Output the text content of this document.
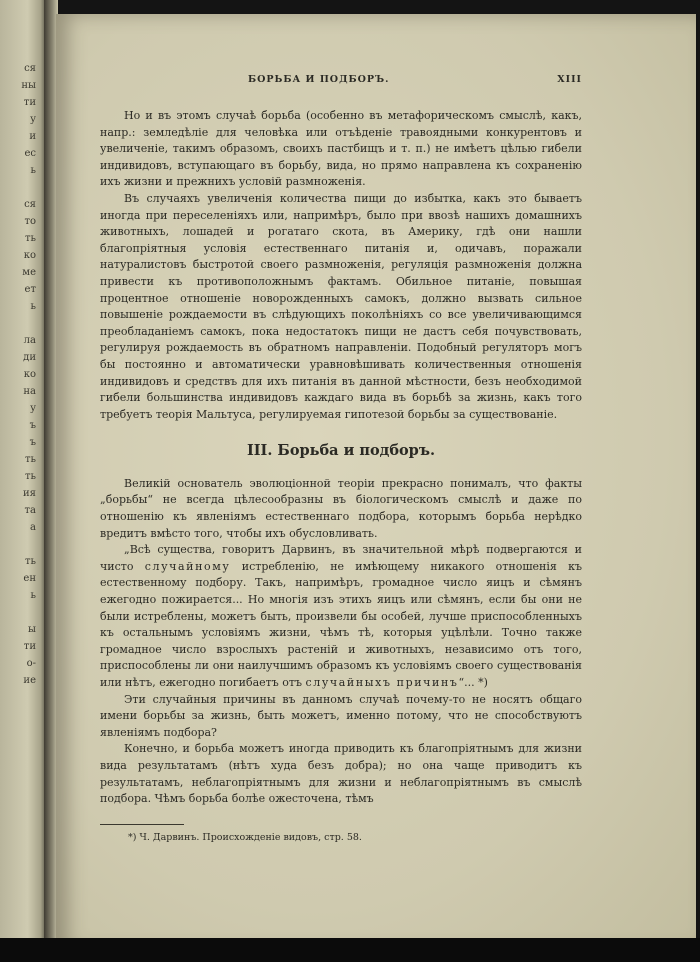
ся
ны
ти
у
и
ес
ь
ся
то
ть
ко
ме
ет
ь
ла
ди
ко
на
у
ъ
ъ
ть
ть
ия
та
а
ть
ен
ь
ы
ти
о-
ие
БОРЬБА И ПОДБОРЪ.	XIII

Но и въ этомъ случаѣ борьба (особенно въ метафорическомъ смыслѣ, какъ, напр.: земледѣліе для человѣка или отъѣденіе травоядными конкурентовъ и увеличеніе, такимъ образомъ, своихъ пастбищъ и т. п.) не имѣетъ цѣлью гибели индивидовъ, вступающаго въ борьбу, вида, но прямо направлена къ сохраненію ихъ жизни и прежнихъ условій размноженія.

Въ случаяхъ увеличенія количества пищи до избытка, какъ это бываетъ иногда при переселеніяхъ или, напримѣръ, было при ввозѣ нашихъ домашнихъ животныхъ, лошадей и рогатаго скота, въ Америку, гдѣ они нашли благопріятныя условія естественнаго питанія и, одичавъ, поражали натуралистовъ быстротой своего размноженія, регуляція размноженія должна привести къ противоположнымъ фактамъ. Обильное питаніе, повышая процентное отношеніе новорожденныхъ самокъ, должно вызвать сильное повышеніе рождаемости въ слѣдующихъ поколѣніяхъ со все увеличивающимся преобладаніемъ самокъ, пока недостатокъ пищи не дастъ себя почувствовать, регулируя рождаемость въ обратномъ направленіи. Подобный регуляторъ могъ бы постоянно и автоматически уравновѣшивать количественныя отношенія индивидовъ и средствъ для ихъ питанія въ данной мѣстности, безъ необходимой гибели большинства индивидовъ каждаго вида въ борьбѣ за жизнь, какъ того требуетъ теорія Мальтуса, регулируемая гипотезой борьбы за существованіе.

III. Борьба и подборъ.

Великій основатель эволюціонной теоріи прекрасно понималъ, что факты „борьбы“ не всегда цѣлесообразны въ біологическомъ смыслѣ и даже по отношенію къ явленіямъ естественнаго подбора, которымъ борьба нерѣдко вредитъ вмѣсто того, чтобы ихъ обусловливать.

„Всѣ существа, говоритъ Дарвинъ, въ значительной мѣрѣ подвергаются и чисто случайному истребленію, не имѣющему никакого отношенія къ естественному подбору. Такъ, напримѣръ, громадное число яицъ и сѣмянъ ежегодно пожирается... Но многія изъ этихъ яицъ или сѣмянъ, если бы они не были истреблены, можетъ быть, произвели бы особей, лучше приспособленныхъ къ остальнымъ условіямъ жизни, чѣмъ тѣ, которыя уцѣлѣли. Точно также громадное число взрослыхъ растеній и животныхъ, независимо отъ того, приспособлены ли они наилучшимъ образомъ къ условіямъ своего существованія или нѣтъ, ежегодно погибаетъ отъ случайныхъ причинъ“... *)

Эти случайныя причины въ данномъ случаѣ почему-то не носятъ общаго имени борьбы за жизнь, быть можетъ, именно потому, что не способствуютъ явленіямъ подбора?

Конечно, и борьба можетъ иногда приводить къ благопріятнымъ для жизни вида результатамъ (нѣтъ худа безъ добра); но она чаще приводитъ къ результатамъ, неблагопріятнымъ для жизни и неблагопріятнымъ въ смыслѣ подбора. Чѣмъ борьба болѣе ожесточена, тѣмъ

*) Ч. Дарвинъ. Происхожденіе видовъ, стр. 58.
